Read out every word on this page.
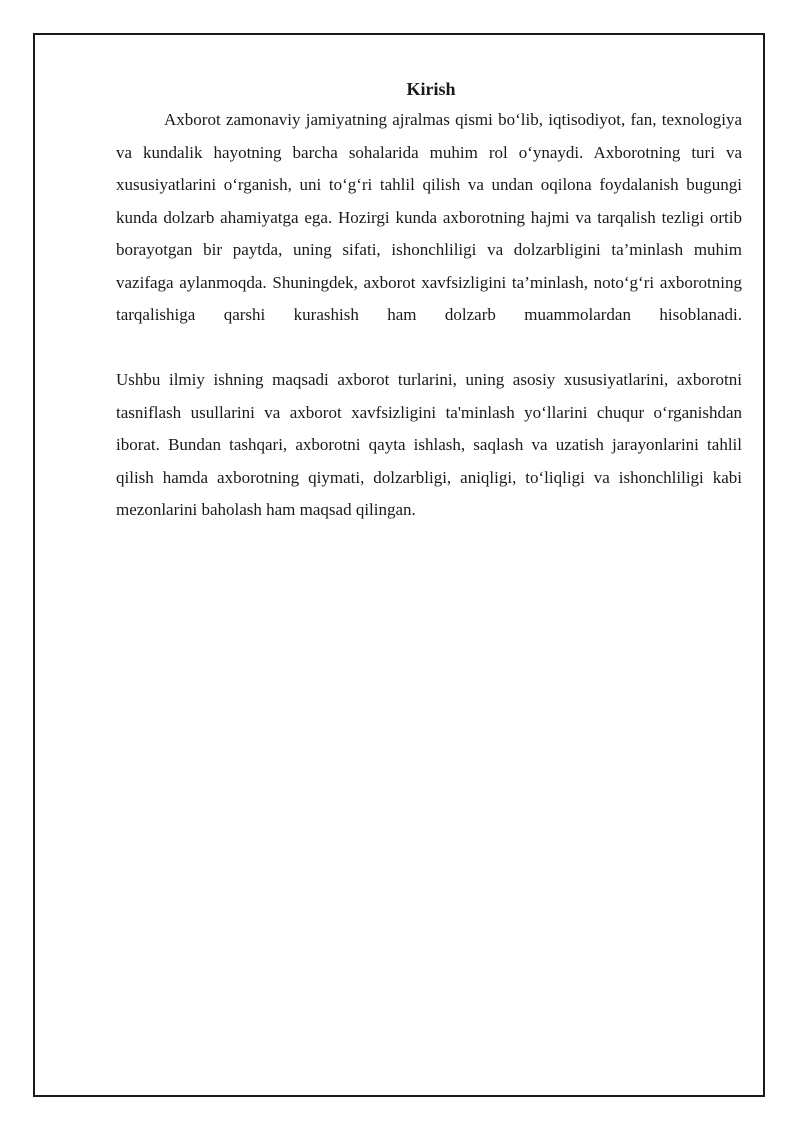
Kirish

Axborot zamonaviy jamiyatning ajralmas qismi bo‘lib, iqtisodiyot, fan, texnologiya va kundalik hayotning barcha sohalarida muhim rol o‘ynaydi. Axborotning turi va xususiyatlarini o‘rganish, uni to‘g‘ri tahlil qilish va undan oqilona foydalanish bugungi kunda dolzarb ahamiyatga ega. Hozirgi kunda axborotning hajmi va tarqalish tezligi ortib borayotgan bir paytda, uning sifati, ishonchliligi va dolzarbligini ta’minlash muhim vazifaga aylanmoqda. Shuningdek, axborot xavfsizligini ta’minlash, noto‘g‘ri axborotning tarqalishiga qarshi kurashish ham dolzarb muammolardan hisoblanadi.

Ushbu ilmiy ishning maqsadi axborot turlarini, uning asosiy xususiyatlarini, axborotni tasniflash usullarini va axborot xavfsizligini ta'minlash yo‘llarini chuqur o‘rganishdan iborat. Bundan tashqari, axborotni qayta ishlash, saqlash va uzatish jarayonlarini tahlil qilish hamda axborotning qiymati, dolzarbligi, aniqligi, to‘liqligi va ishonchliligi kabi mezonlarini baholash ham maqsad qilingan.
